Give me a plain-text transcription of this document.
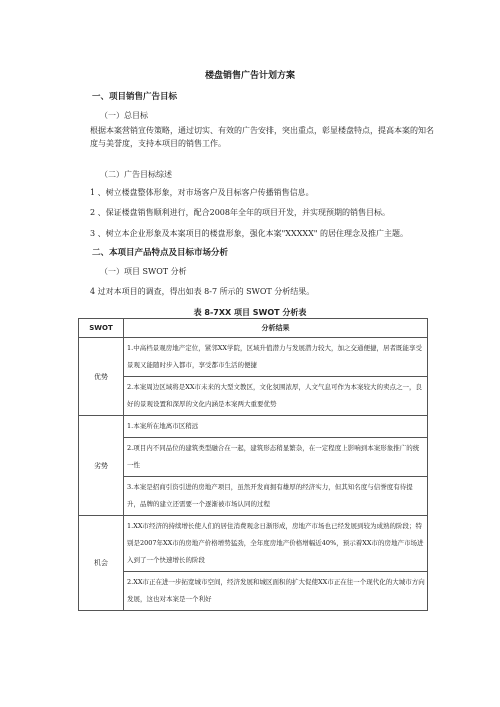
楼盘销售广告计划方案
一、项目销售广告目标
（一）总目标
根据本案营销宣传策略，通过切实、有效的广告安排，突出重点，彰显楼盘特点，提高本案的知名度与美誉度，支持本项目的销售工作。
（二）广告目标综述
1 、树立楼盘整体形象，对市场客户及目标客户传播销售信息。
2 、保证楼盘销售顺利进行，配合2008年全年的项目开发，并实现预期的销售目标。
3 、树立本企业形象及本案项目的楼盘形象，强化本案"XXXXX" 的居住理念及推广主题。
二、本项目产品特点及目标市场分析
（一）项目 SWOT 分析
4 过对本项目的调查，得出如表 8-7 所示的 SWOT 分析结果。
表 8-7XX 项目 SWOT 分析表
SWOT	分析结果
优势	1.中高档景观房地产定位，紧邻XX学院，区域升值潜力与发展潜力较大，加之交通便捷，居者既能享受景观又能随时步入都市，享受都市生活的便捷
	2.本案周边区域将是XX市未来的大型文教区，文化氛围浓厚，人文气息可作为本案较大的卖点之一，良好的景观设置和深厚的文化内涵是本案两大重要优势
劣势	1.本案所在地离市区稍远
	2.项目内不同品位的建筑类型融合在一起，建筑形态稍显繁杂，在一定程度上影响到本案形象推广的统一性
	3.本案是招商引资引进的房地产项目，虽然开发商拥有雄厚的经济实力，但其知名度与信誉度有待提升，品牌的建立还需要一个逐渐被市场认同的过程
机会	1.XX市经济的持续增长使人们的居住消费观念日渐形成，房地产市场也已经发展到较为成熟的阶段；特别是2007年XX市的房地产价格增势猛劲，全年度房地产价格增幅近40%，预示着XX市的房地产市场进入到了一个快速增长的阶段
	2.XX市正在进一步拓宽城市空间，经济发展和城区面积的扩大促使XX市正在往一个现代化的大城市方向发展，这也对本案是一个利好
